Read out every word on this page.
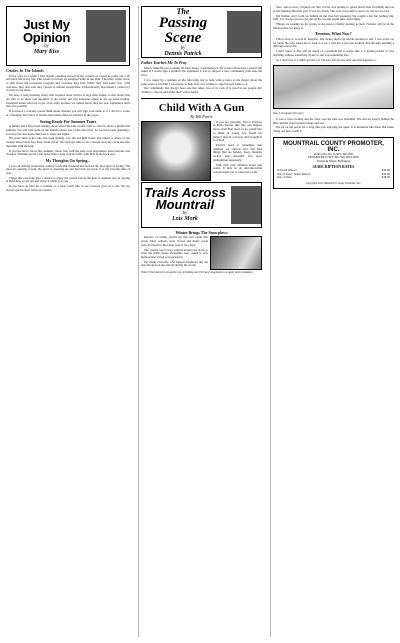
Just My
Opinion
by
Mary Kiss
Cruises In The Islands

Every once in a while I find myself planning myself in my column as I need to prune out a bit and have fun in my life. This week I received an unsigned letter in the mail. The letter writer wrote to talk about the recreation program and concerns they had. While they had some very valid concerns, they also said they choose to remain anonymous. Unfortunately, that means I cannot try to reply to the letter.

We have a long standing policy that requires letter writers to sign their names so that letters that are sent to us show real thoughts of the writer, not just someone trying to stir up some trouble. Unsigned letters tend not to get a fair reply because we cannot know they are real. Signatures don't just sort possibly.

If you have a concern, please think about whether you will sign your name to it. I am not a writer or a designer but I have to realize that names must be attached to the pages.

Seeing Ready For Summer Tours

A family and I have been talking about where the kids would come to visit for about a month this summer. We will visit some of the islands where one of the kids lives. So we have been planning a road trip but also some time just to enjoy the sights.

We spent time at the lake and went fishing, saw the old light house and talked to many of the owners about ideas they have about travel. We even got time to see a movie and play cards late into the night with the kids.

If you decide to travel this summer, check first with the state road department about detours and closures. Nothing spoils a trip faster than a long wait in traffic with kids in the back seat.

My Thoughts On Spring...

I was out driving around the country roads this weekend and noticed the first signs of spring. The trees are starting to bud, the grass is greening up and the birds are back. It is my favorite time of year.

I hope that everyone gets a chance to enjoy the season before the heat of summer sets in. Spring is short here so get out and enjoy it while you can.

If you have an idea for a column or a topic you'd like to see covered, give us a call. We are always glad to hear from our readers.

The
Passing
Scene
by
Dennis Patrick
Father Teaches Me To Pray

Mayor Mike Brown, looking off Park Street, a gentleman at the corner offered me a pencil and asked if I would sign a petition. He explained it was to support a new community park near the river.

I was asked by a resident on the following day to help write a letter to the mayor about the same issue. I told him I was happy to help if he was willing to sign his own name to it.

Our community has always been one that takes care of its own. It is good to see people still willing to step up and make their voices heard.

Child With A Gun
By Bill Parrie

If you are traveling, Fun to Explore in Park. Stories like this one happen more often than most of us would like to think. A young boy found his father's gun in a drawer and brought it to school.

Parents need to remember that children are curious and will find things that are hidden. Keep firearms locked and unloaded and store ammunition separately.

Talk with your children about gun safety. It may be an uncomfortable conversation, but it could save a life.

Trails Across
Mountrail
by
Lois Mork
Winter Brings The Snowplows

Reports of winter storms hit the area again this week. Most schools were closed and many roads were blocked for the better part of two days.

The county road crews worked around the clock to clear the main routes. Residents were asked to stay home unless travel was necessary.

We thank everyone who helped neighbors dig out and checked on the elderly during the storm.

Other tribal dancers are active too, including one (Vernon) imaginative on apply and colleagues.

Sure, who is next. I figured out that I never was getting to spend much time in fishing the rest of the summer. But this year it was too much. The road was tough to drive on, but not too bad.

My brother and I went ice fishing on the river last weekend. We caught a few but nothing big. Still, it is always good to get out on the ice and spend time with family.

Things are looking up for spring as the snow is finally starting to melt. Farmers will be in the fields before we know it.

Tourism, What Now?

This is how it. A.A.D.D. happens. The dealer shows up and he decides to sell. I was at the car lot when the lady asked me to look at a car. I told her I was just looking and she kept pushing a different one at me.

I don't know if this will be much of a problem but it seems like it is getting harder to buy anything without somebody trying to sell you something else.

So I don't buy it, I didn't get the car. I'm sure I'm not the only one this happens to.

Now I recognize this man!

It was a clear evening and the view over the lake was beautiful. The sun set slowly behind the hills and the water turned orange and red.

We sat on the porch for a long time just enjoying the quiet. It is moments like these that make living out here worth it.

MOUNTRAIL COUNTY PROMOTER, INC.
Publication No. (USPS 366-760)
PROMOTER (USPS 366-760) 0001-0000
Wanda & Marty, Publishers
SUBSCRIPTION RATES
In North Dakota	$40.00
Out of State / North Dakota	$44.00
Out of State	$48.00
Copyright 2012 Mountrail County Promoter, Inc.
